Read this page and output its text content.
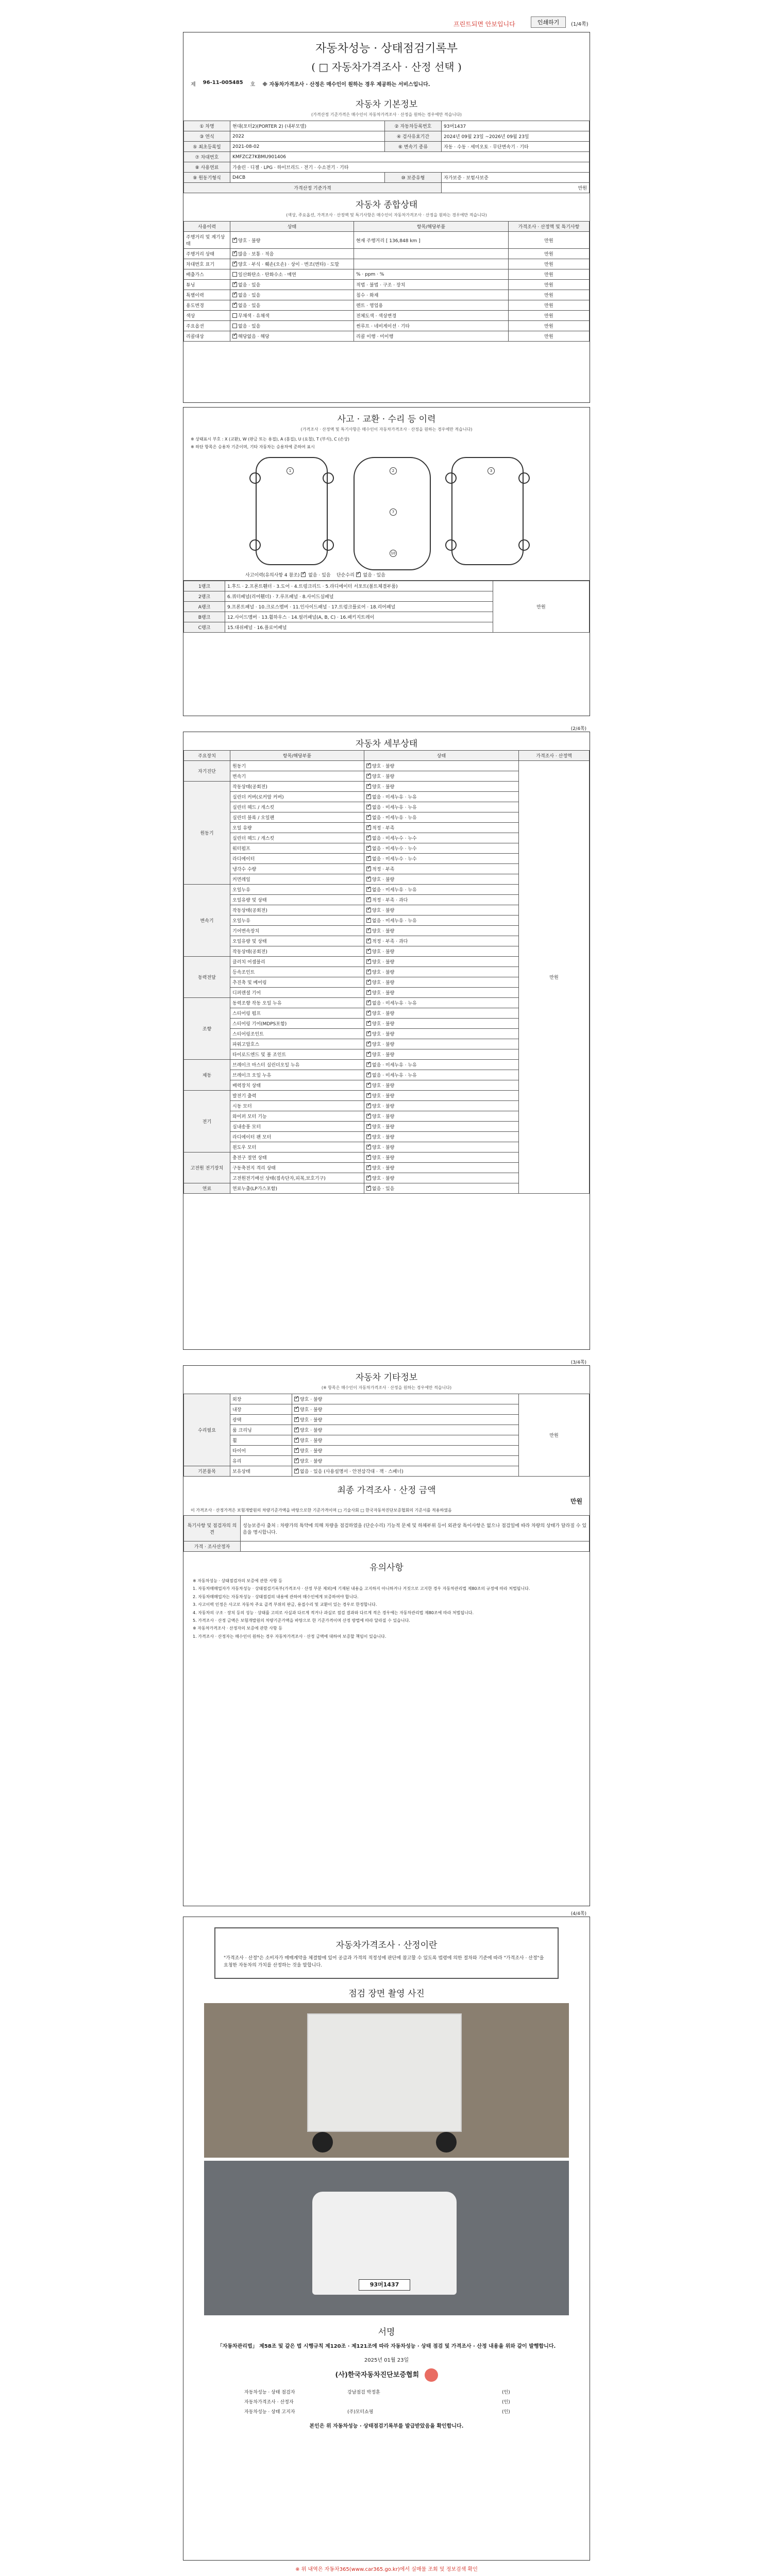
프린트되면 안보입니다	인쇄하기	(1/4쪽)
자동차성능 · 상태점검기록부
( □ 자동차가격조사 · 산정 선택 )
제 96-11-005485 호 ※ 자동차가격조사 · 산정은 매수인이 원하는 경우 제공하는 서비스입니다.
자동차 기본정보
(가격산정 기준가격은 매수인이 자동차가격조사 · 산정을 원하는 경우에만 적습니다)
① 차명	현대(포터2)(PORTER 2) (내부모델)	② 자동차등록번호	93머1437
③ 연식	2022	④ 검사유효기간	2024년 09월 23일 ~2026년 09월 23일
⑤ 최초등록일	2021-08-02	⑥ 변속기 종류	자동 · 수동 · 세미오토 · 무단변속기 · 기타
⑦ 차대번호	KMFZCZ7KBMU901406		
⑧ 사용연료	가솔린 · 디젤 · LPG · 하이브리드 · 전기 · 수소전기 · 기타		
⑨ 원동기형식	D4CB	⑩ 보증유형	자가보증 · 보험사보증
가격산정 기준가격			만원
자동차 종합상태
(색상, 주요옵션, 가격조사 · 산정액 및 특기사항은 매수인이 자동차가격조사 · 산정을 원하는 경우에만 적습니다)
사용이력	상태	항목/해당부품	가격조사 · 산정액 및 특기사항
주행거리 및 계기상태	✓양호 · 불량	현재 주행거리 [ 136,848 km ]	만원
주행거리 상태	✓많음 · 보통 · 적음		만원
차대번호 표기	✓양호 · 부식 · 훼손(오손) · 상이 · 변조(변타) · 도말		만원
배출가스	일산화탄소 · 탄화수소 · 매연	% · ppm · %	만원
튜닝	✓없음 · 있음	적법 · 불법 · 구조 · 장치	만원
특별이력	✓없음 · 있음	침수 · 화재	만원
용도변경	✓없음 · 있음	렌트 · 영업용	만원
색상	무채색 · 유채색	전체도색 · 색상변경	만원
주요옵션	없음 · 있음	썬루프 · 네비게이션 · 기타	만원
리콜대상	✓해당없음 · 해당	리콜 이행 · 미이행	만원
사고 · 교환 · 수리 등 이력
(가격조사 · 산정액 및 특기사항은 매수인이 자동차가격조사 · 산정을 원하는 경우에만 적습니다)
※ 상태표시 부호 : X (교환), W (판금 또는 용접), A (흠집), U (요철), T (부식), C (손상)
※ 하단 항목은 승용차 기준이며, 기타 자동차는 승용차에 준하여 표시
1	2	3
7
10
사고이력(유의사항 4 참조) ✓ 없음 · 있음 단순수리 ✓ 없음 · 있음
1랭크	1.후드 · 2.프론트휀더 · 3.도어 · 4.트렁크리드 · 5.라디에이터 서포트(볼트체결부품)	만원
2랭크	6.쿼터패널(리어휀더) · 7.루프패널 · 8.사이드실패널	
A랭크	9.프론트패널 · 10.크로스멤버 · 11.인사이드패널 · 17.트렁크플로어 · 18.리어패널	
B랭크	12.사이드멤버 · 13.휠하우스 · 14.필러패널(A, B, C) · 16.패키지트레이	
C랭크	15.대쉬패널 · 16.플로어패널	
(2/4쪽)
자동차 세부상태
주요장치	항목/해당부품	상태	가격조사 · 산정액
자기진단	원동기	✓양호 · 불량	만원
	변속기	✓양호 · 불량
원동기	작동상태(공회전)	✓양호 · 불량
	실린더 커버(로커암 커버)	✓없음 · 미세누유 · 누유
	실린더 헤드 / 개스킷	✓없음 · 미세누유 · 누유
	실린더 블록 / 오일팬	✓없음 · 미세누유 · 누유
	오일 유량	✓적정 · 부족
	실린더 헤드 / 개스킷	✓없음 · 미세누수 · 누수
	워터펌프	✓없음 · 미세누수 · 누수
	라디에이터	✓없음 · 미세누수 · 누수
	냉각수 수량	✓적정 · 부족
	커먼레일	✓양호 · 불량
변속기	오일누유	✓없음 · 미세누유 · 누유
	오일유량 및 상태	✓적정 · 부족 · 과다
	작동상태(공회전)	✓양호 · 불량
	오일누유	✓없음 · 미세누유 · 누유
	기어변속장치	✓양호 · 불량
	오일유량 및 상태	✓적정 · 부족 · 과다
	작동상태(공회전)	✓양호 · 불량
동력전달	클러치 어셈블리	✓양호 · 불량
	등속조인트	✓양호 · 불량
	추진축 및 베어링	✓양호 · 불량
	디퍼렌셜 기어	✓양호 · 불량
조향	동력조향 작동 오일 누유	✓없음 · 미세누유 · 누유
	스티어링 펌프	✓양호 · 불량
	스티어링 기어(MDPS포함)	✓양호 · 불량
	스티어링조인트	✓양호 · 불량
	파워고압호스	✓양호 · 불량
	타이로드엔드 및 볼 조인트	✓양호 · 불량
제동	브레이크 마스터 실린더오일 누유	✓없음 · 미세누유 · 누유
	브레이크 오일 누유	✓없음 · 미세누유 · 누유
	배력장치 상태	✓양호 · 불량
전기	발전기 출력	✓양호 · 불량
	시동 모터	✓양호 · 불량
	와이퍼 모터 기능	✓양호 · 불량
	실내송풍 모터	✓양호 · 불량
	라디에이터 팬 모터	✓양호 · 불량
	윈도우 모터	✓양호 · 불량
고전원 전기장치	충전구 절연 상태	✓양호 · 불량
	구동축전지 격리 상태	✓양호 · 불량
	고전원전기배선 상태(접속단자,피복,보호기구)	✓양호 · 불량
연료	연료누출(LP가스포함)	✓없음 · 있음
(3/4쪽)
자동차 기타정보
(※ 항목은 매수인이 자동차가격조사 · 산정을 원하는 경우에만 적습니다)
수리필요	외장	✓양호 · 불량	만원
	내장	✓양호 · 불량
	광택	✓양호 · 불량
	룸 크리닝	✓양호 · 불량
	휠	✓양호 · 불량
	타이어	✓양호 · 불량
	유리	✓양호 · 불량
기본품목	보유상태	✓없음 · 있음 (사용설명서 · 안전삼각대 · 잭 · 스패너)
최종 가격조사 · 산정 금액
만원
이 가격조사 · 산정가격은 보험개발원의 차량기준가액을 바탕으로한 기준가격이며 □ 기술사회 □ 한국자동차진단보증협회의 기준서를 적용하였음
특기사항 및 점검자의 의견	성능보증사 출처 : 차량가의 특약에 의해 차량을 점검하였을 (단순수리) 기능적 문제 및 하체부위 등이 외관상 특이사항은 없으나 점검일에 따라 차량의 상태가 달라질 수 있음을 명시합니다.
가격 · 조사산정자	
유의사항

※ 자동차성능 · 상태점검자의 보증에 관한 사항 등

1. 자동차매매업자가 자동차성능 · 상태점검기록부(가격조사 · 산정 부분 제외)에 기재된 내용을 고지하지 아니하거나 거짓으로 고지한 경우 자동차관리법 제80조의 규정에 따라 처벌됩니다.

2. 자동차매매업자는 자동차성능 · 상태점검의 내용에 관하여 매수인에게 보증하여야 합니다.

3. 사고이력 인정은 사고로 자동차 주요 골격 부위의 판금, 용접수리 및 교환이 있는 경우로 한정합니다.

4. 자동차의 구조 · 장치 등의 성능 · 상태를 고의로 사실과 다르게 적거나 과실로 점검 결과와 다르게 적은 경우에는 자동차관리법 제80조에 따라 처벌됩니다.

5. 가격조사 · 산정 금액은 보험개발원의 차량기준가액을 바탕으로 한 기준가격이며 산정 방법에 따라 달라질 수 있습니다.

※ 자동차가격조사 · 산정자의 보증에 관한 사항 등

1. 가격조사 · 산정자는 매수인이 원하는 경우 자동차가격조사 · 산정 금액에 대하여 보증할 책임이 있습니다.

(4/4쪽)
자동차가격조사 · 산정이란
"가격조사 · 산정"은 소비자가 매매계약을 체결함에 있어 공급과 가격의 적정성에 판단에 참고할 수 있도록 법령에 의한 절차와 기준에 따라 "가격조사 · 산정"을 요청한 자동차의 가치를 산정하는 것을 말합니다.
점검 장면 촬영 사진
93머1437
서명
「자동차관리법」 제58조 및 같은 법 시행규칙 제120조 · 제121조에 따라 자동차성능 · 상태 점검 및 가격조사 · 산정 내용을 위와 같이 발행합니다.
2025년 01월 23일
(사)한국자동차진단보증협회
자동차성능 · 상태 점검자	강남점검 박정훈	(인)
자동차가격조사 · 산정자		(인)
자동차성능 · 상태 고지자	(주)모터쇼핑	(인)
본인은 위 자동차성능 · 상태점검기록부를 발급받았음을 확인합니다.
※ 위 내역은 자동차365(www.car365.go.kr)에서 실매물 조회 및 정보검색 확인
